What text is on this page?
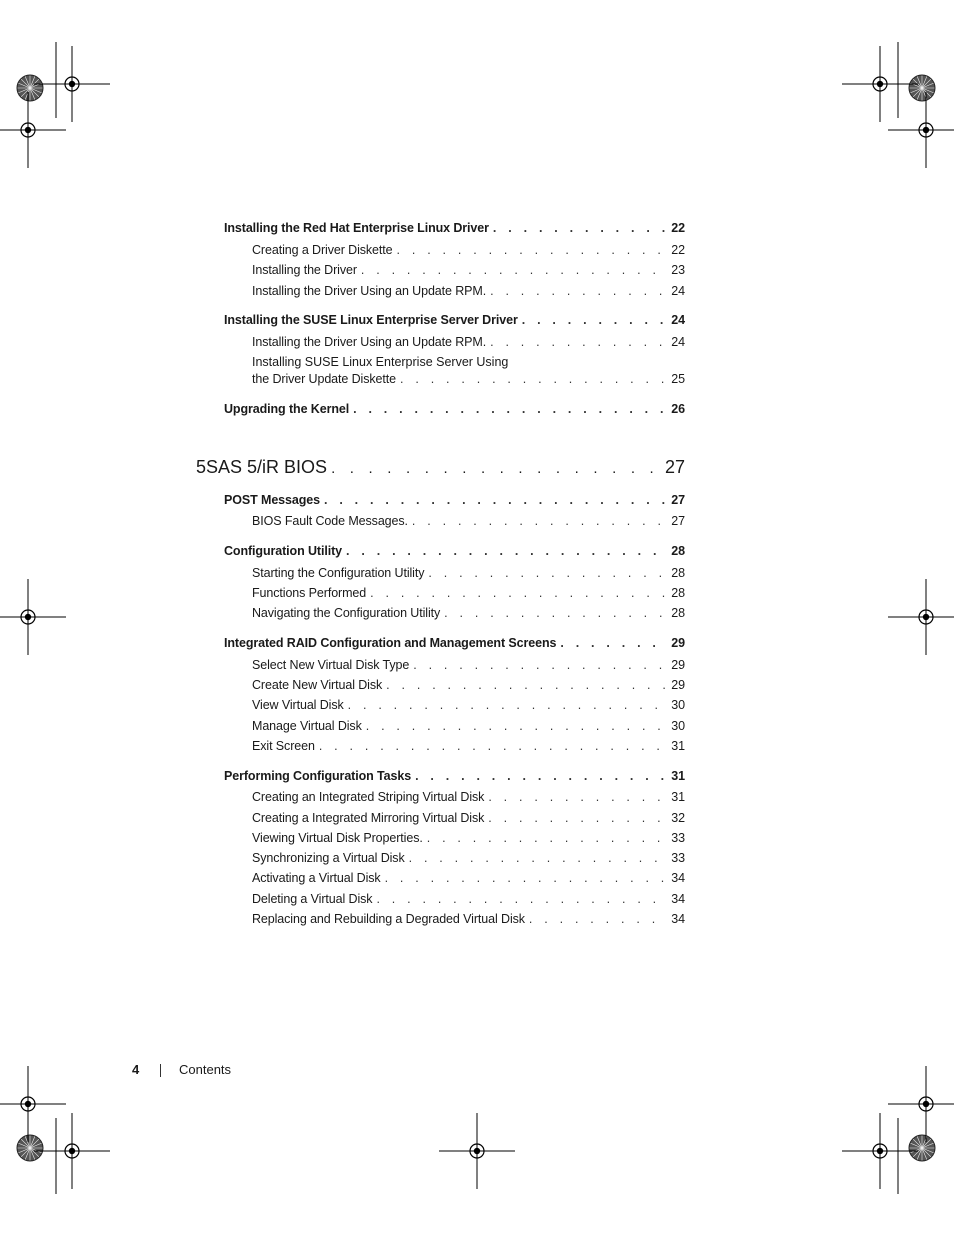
Installing the Red Hat Enterprise Linux Driver . . .	22
Creating a Driver Diskette . . .	22
Installing the Driver . . .	23
Installing the Driver Using an Update RPM. . . .	24
Installing the SUSE Linux Enterprise Server Driver . . .	24
Installing the Driver Using an Update RPM. . . .	24
Installing SUSE Linux Enterprise Server Using
the Driver Update Diskette . . .	25
Upgrading the Kernel . . .	26
5 SAS 5/iR BIOS . . .	27
POST Messages . . .	27
BIOS Fault Code Messages. . . .	27
Configuration Utility . . .	28
Starting the Configuration Utility . . .	28
Functions Performed . . .	28
Navigating the Configuration Utility . . .	28
Integrated RAID Configuration and Management Screens . . .	29
Select New Virtual Disk Type . . .	29
Create New Virtual Disk . . .	29
View Virtual Disk . . .	30
Manage Virtual Disk . . .	30
Exit Screen . . .	31
Performing Configuration Tasks . . .	31
Creating an Integrated Striping Virtual Disk . . .	31
Creating a Integrated Mirroring Virtual Disk . . .	32
Viewing Virtual Disk Properties. . . .	33
Synchronizing a Virtual Disk . . .	33
Activating a Virtual Disk . . .	34
Deleting a Virtual Disk . . .	34
Replacing and Rebuilding a Degraded Virtual Disk . . .	34
4	Contents
